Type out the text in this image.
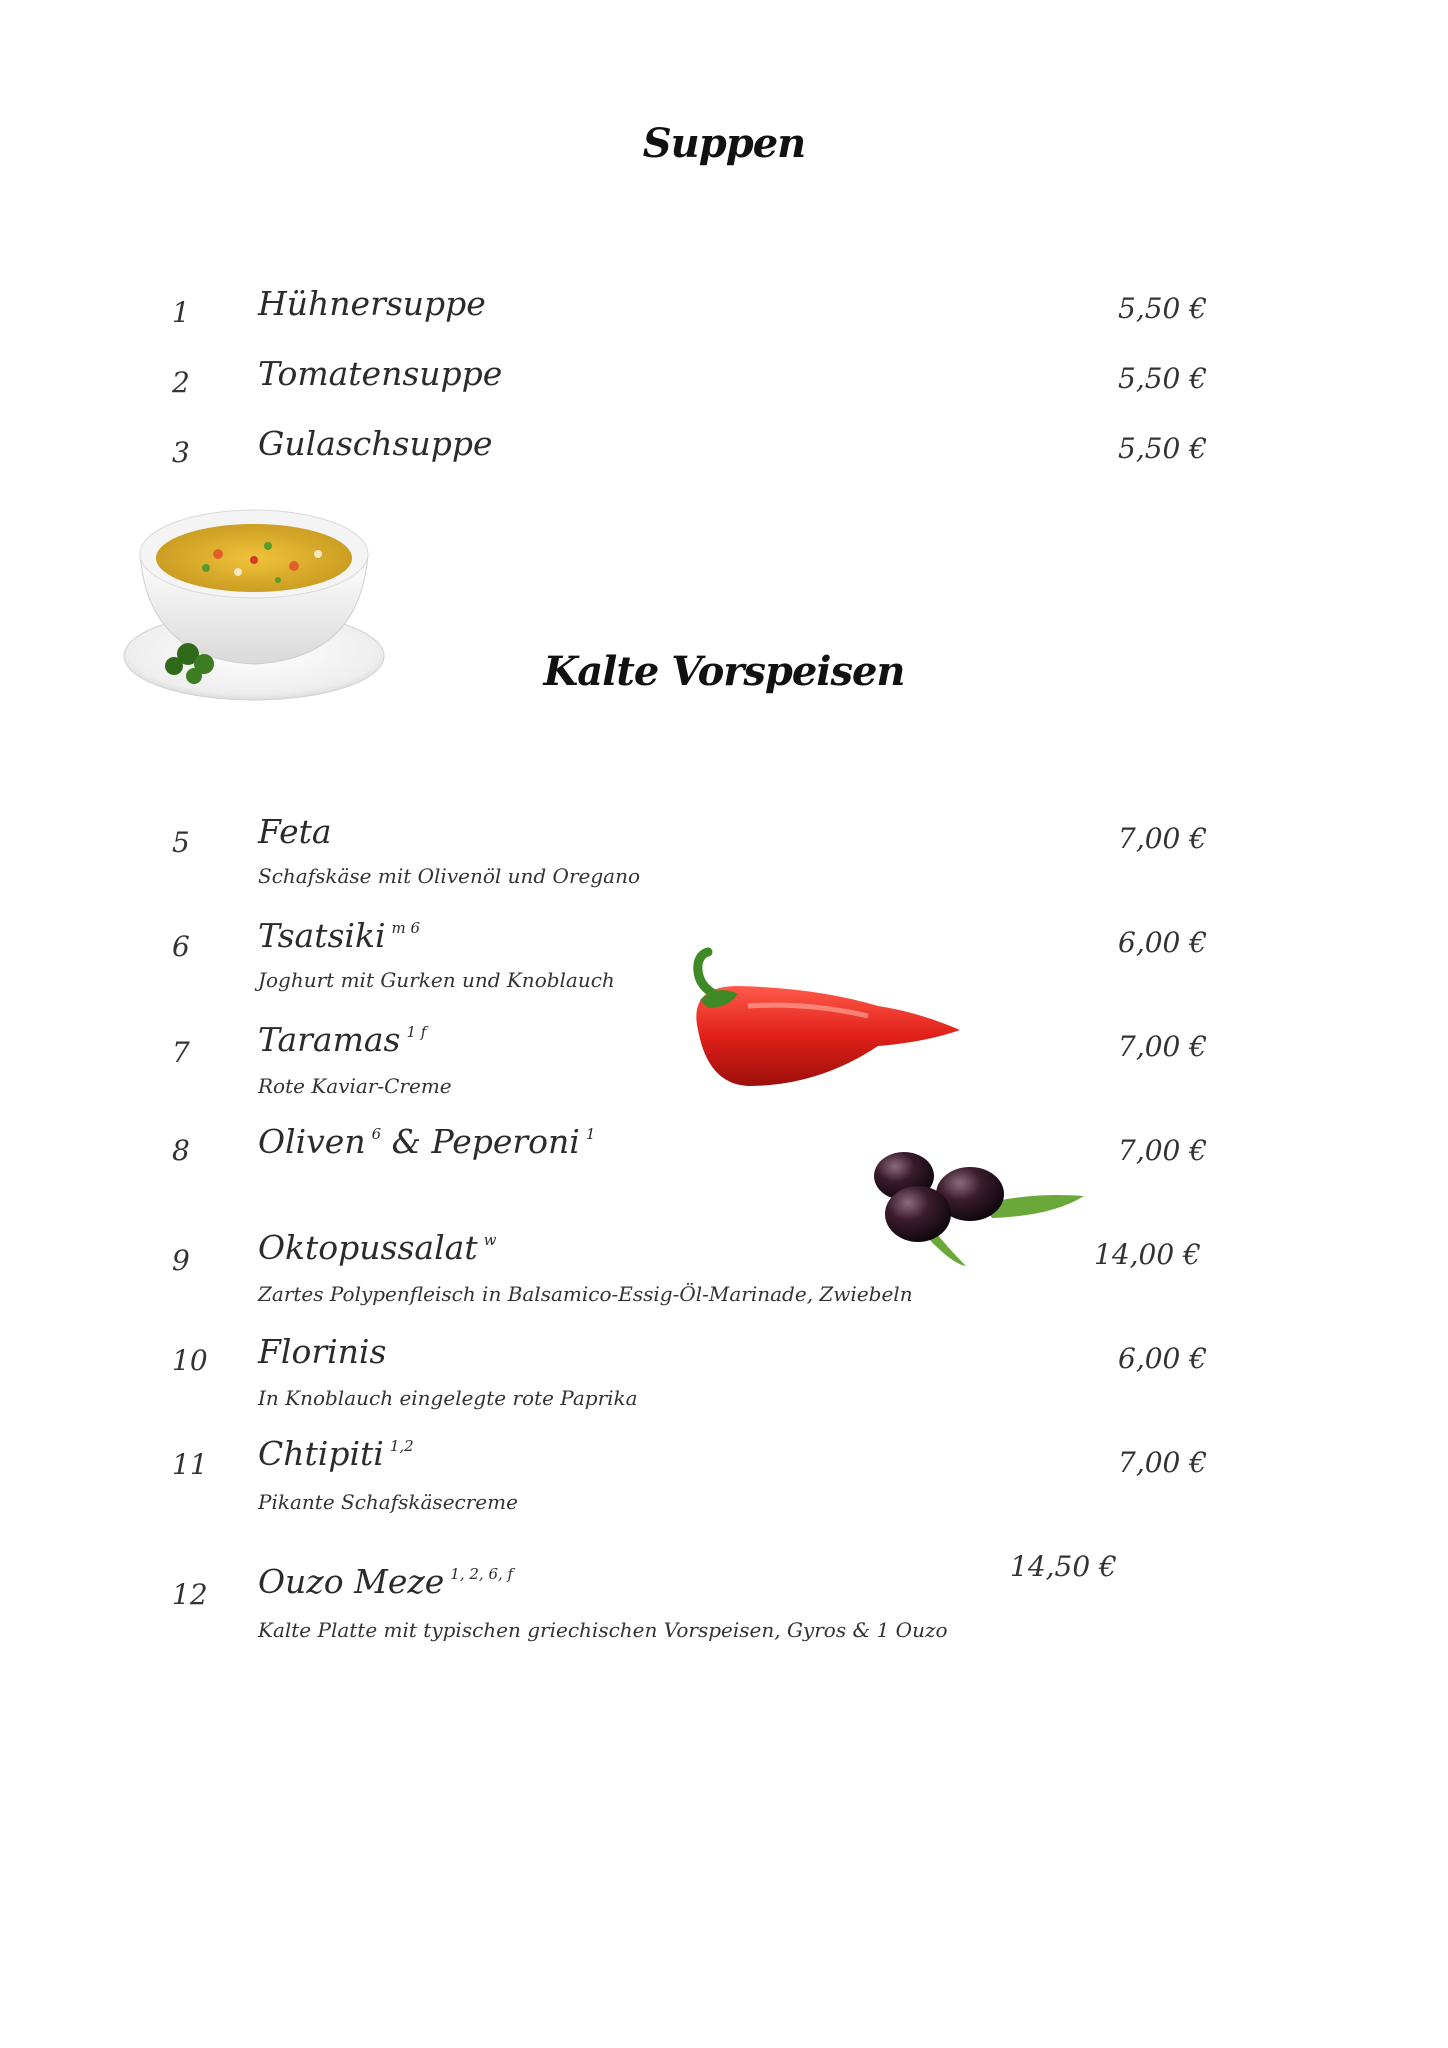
Suppen
Kalte Vorspeisen
1 Hühnersuppe	5,50 €
2 Tomatensuppe	5,50 €
3 Gulaschsuppe	5,50 €
5 Feta
Schafskäse mit Olivenöl und Oregano
7,00 €
6 Tsatsiki $^{m 6}$
Joghurt mit Gurken und Knoblauch
6,00 €
7 Taramas $^{1 f}$
Rote Kaviar-Creme
7,00 €
8 Oliven $^6$ & Peperoni $^1$	7,00 €
9 Oktopussalat $^w$
Zartes Polypenfleisch in Balsamico-Essig-Öl-Marinade, Zwiebeln
14,00 €
10 Florinis
In Knoblauch eingelegte rote Paprika
6,00 €
11 Chtipiti $^{1,2}$
Pikante Schafskäsecreme
7,00 €
12 Ouzo Meze $^{1, 2, 6, f}$
Kalte Platte mit typischen griechischen Vorspeisen, Gyros & 1 Ouzo
14,50 €
